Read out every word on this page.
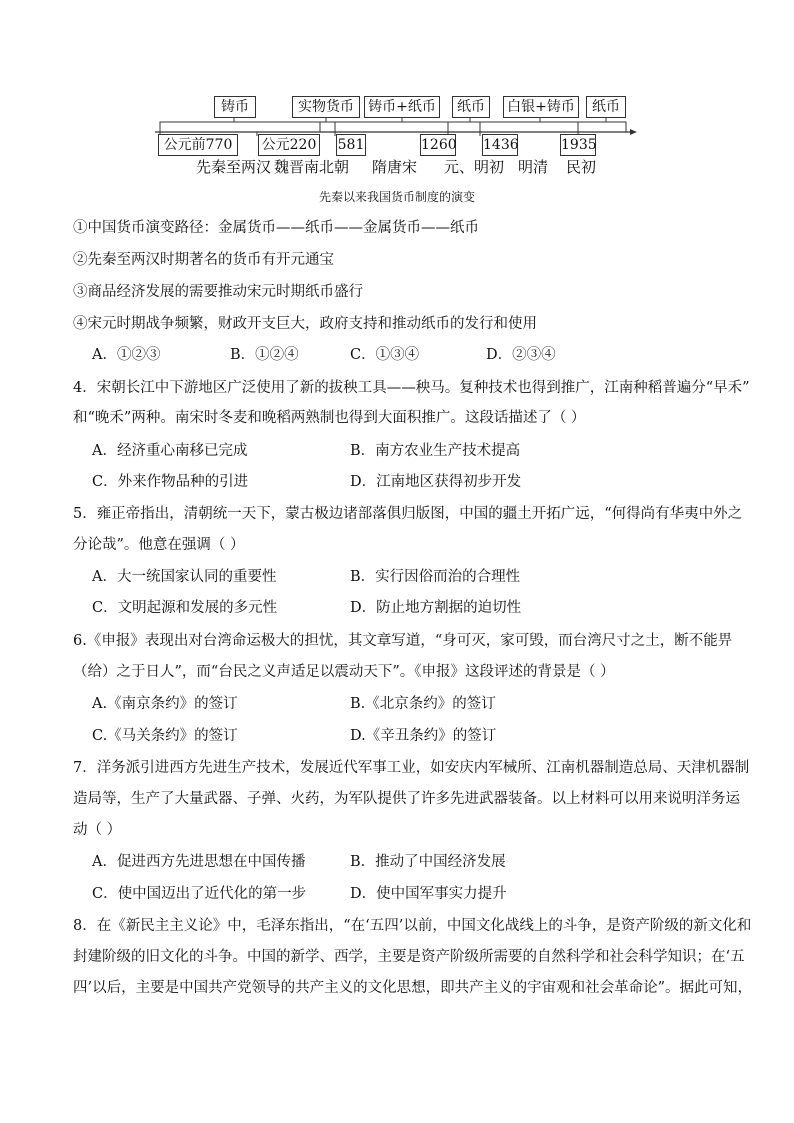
铸币	实物货币	铸币+纸币	纸币	白银+铸币	纸币
公元前770	公元220 581	1260 1436	1935
先秦至两汉 魏晋南北朝 隋唐宋 元、明初 明清 民初
先秦以来我国货币制度的演变
①中国货币演变路径：金属货币——纸币——金属货币——纸币
②先秦至两汉时期著名的货币有开元通宝
③商品经济发展的需要推动宋元时期纸币盛行
④宋元时期战争频繁，财政开支巨大，政府支持和推动纸币的发行和使用
A．①②③	B．①②④	C．①③④	D．②③④
4．宋朝长江中下游地区广泛使用了新的拔秧工具——秧马。复种技术也得到推广，江南种稻普遍分“早禾”
和“晚禾”两种。南宋时冬麦和晚稻两熟制也得到大面积推广。这段话描述了（ ）
A．经济重心南移已完成	B．南方农业生产技术提高
C．外来作物品种的引进	D．江南地区获得初步开发
5．雍正帝指出，清朝统一天下，蒙古极边诸部落俱归版图，中国的疆土开拓广远，“何得尚有华夷中外之
分论哉”。他意在强调（ ）
A．大一统国家认同的重要性	B．实行因俗而治的合理性
C．文明起源和发展的多元性	D．防止地方割据的迫切性
6.《申报》表现出对台湾命运极大的担忧，其文章写道，“身可灭，家可毁，而台湾尺寸之土，断不能畀
（给）之于日人”，而“台民之义声适足以震动天下”。《申报》这段评述的背景是（ ）
A.《南京条约》的签订	B.《北京条约》的签订
C.《马关条约》的签订	D.《辛丑条约》的签订
7．洋务派引进西方先进生产技术，发展近代军事工业，如安庆内军械所、江南机器制造总局、天津机器制
造局等，生产了大量武器、子弹、火药，为军队提供了许多先进武器装备。以上材料可以用来说明洋务运
动（ ）
A．促进西方先进思想在中国传播	B．推动了中国经济发展
C．使中国迈出了近代化的第一步	D．使中国军事实力提升
8．在《新民主主义论》中，毛泽东指出，“在‘五四’以前，中国文化战线上的斗争，是资产阶级的新文化和
封建阶级的旧文化的斗争。中国的新学、西学，主要是资产阶级所需要的自然科学和社会科学知识；在‘五
四’以后，主要是中国共产党领导的共产主义的文化思想，即共产主义的宇宙观和社会革命论”。据此可知，
